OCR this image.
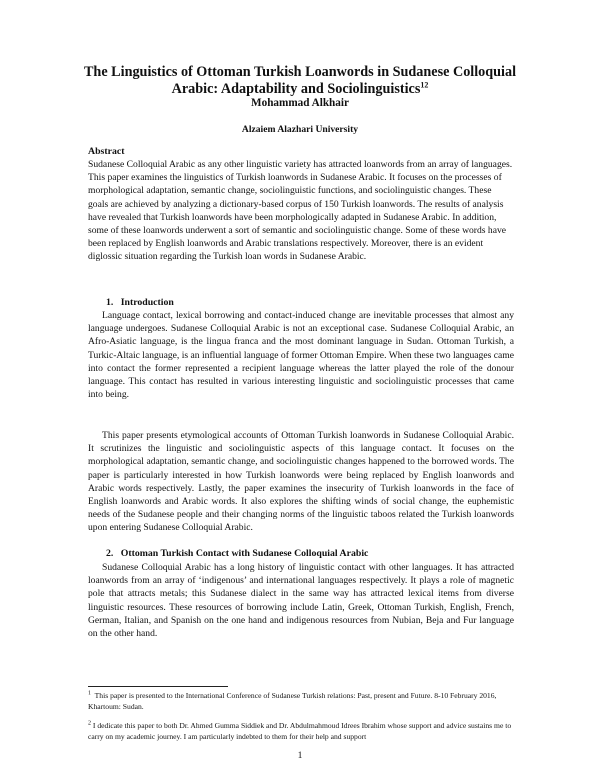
The Linguistics of Ottoman Turkish Loanwords in Sudanese Colloquial Arabic: Adaptability and Sociolinguistics$^{12}$

Mohammad Alkhair

Alzaiem Alazhari University

Abstract

Sudanese Colloquial Arabic as any other linguistic variety has attracted loanwords from an array of languages. This paper examines the linguistics of Turkish loanwords in Sudanese Arabic. It focuses on the processes of morphological adaptation, semantic change, sociolinguistic functions, and sociolinguistic changes. These goals are achieved by analyzing a dictionary-based corpus of 150 Turkish loanwords. The results of analysis have revealed that Turkish loanwords have been morphologically adapted in Sudanese Arabic. In addition, some of these loanwords underwent a sort of semantic and sociolinguistic change. Some of these words have been replaced by English loanwords and Arabic translations respectively. Moreover, there is an evident diglossic situation regarding the Turkish loan words in Sudanese Arabic.

1.   Introduction

Language contact, lexical borrowing and contact-induced change are inevitable processes that almost any language undergoes. Sudanese Colloquial Arabic is not an exceptional case. Sudanese Colloquial Arabic, an Afro-Asiatic language, is the lingua franca and the most dominant language in Sudan. Ottoman Turkish, a Turkic-Altaic language, is an influential language of former Ottoman Empire. When these two languages came into contact the former represented a recipient language whereas the latter played the role of the donour language. This contact has resulted in various interesting linguistic and sociolinguistic processes that came into being.

This paper presents etymological accounts of Ottoman Turkish loanwords in Sudanese Colloquial Arabic. It scrutinizes the linguistic and sociolinguistic aspects of this language contact. It focuses on the morphological adaptation, semantic change, and sociolinguistic changes happened to the borrowed words. The paper is particularly interested in how Turkish loanwords were being replaced by English loanwords and Arabic words respectively. Lastly, the paper examines the insecurity of Turkish loanwords in the face of English loanwords and Arabic words. It also explores the shifting winds of social change, the euphemistic needs of the Sudanese people and their changing norms of the linguistic taboos related the Turkish loanwords upon entering Sudanese Colloquial Arabic.

2.   Ottoman Turkish Contact with Sudanese Colloquial Arabic

Sudanese Colloquial Arabic has a long history of linguistic contact with other languages. It has attracted loanwords from an array of ‘indigenous’ and international languages respectively. It plays a role of magnetic pole that attracts metals; this Sudanese dialect in the same way has attracted lexical items from diverse linguistic resources. These resources of borrowing include Latin, Greek, Ottoman Turkish, English, French, German, Italian, and Spanish on the one hand and indigenous resources from Nubian, Beja and Fur language on the other hand.

$^1$ This paper is presented to the International Conference of Sudanese Turkish relations: Past, present and Future. 8-10 February 2016, Khartoum: Sudan.

$^2$ I dedicate this paper to both Dr. Ahmed Gumma Siddiek and Dr. Abdulmahmoud Idrees Ibrahim whose support and advice sustains me to carry on my academic journey. I am particularly indebted to them for their help and support

1
